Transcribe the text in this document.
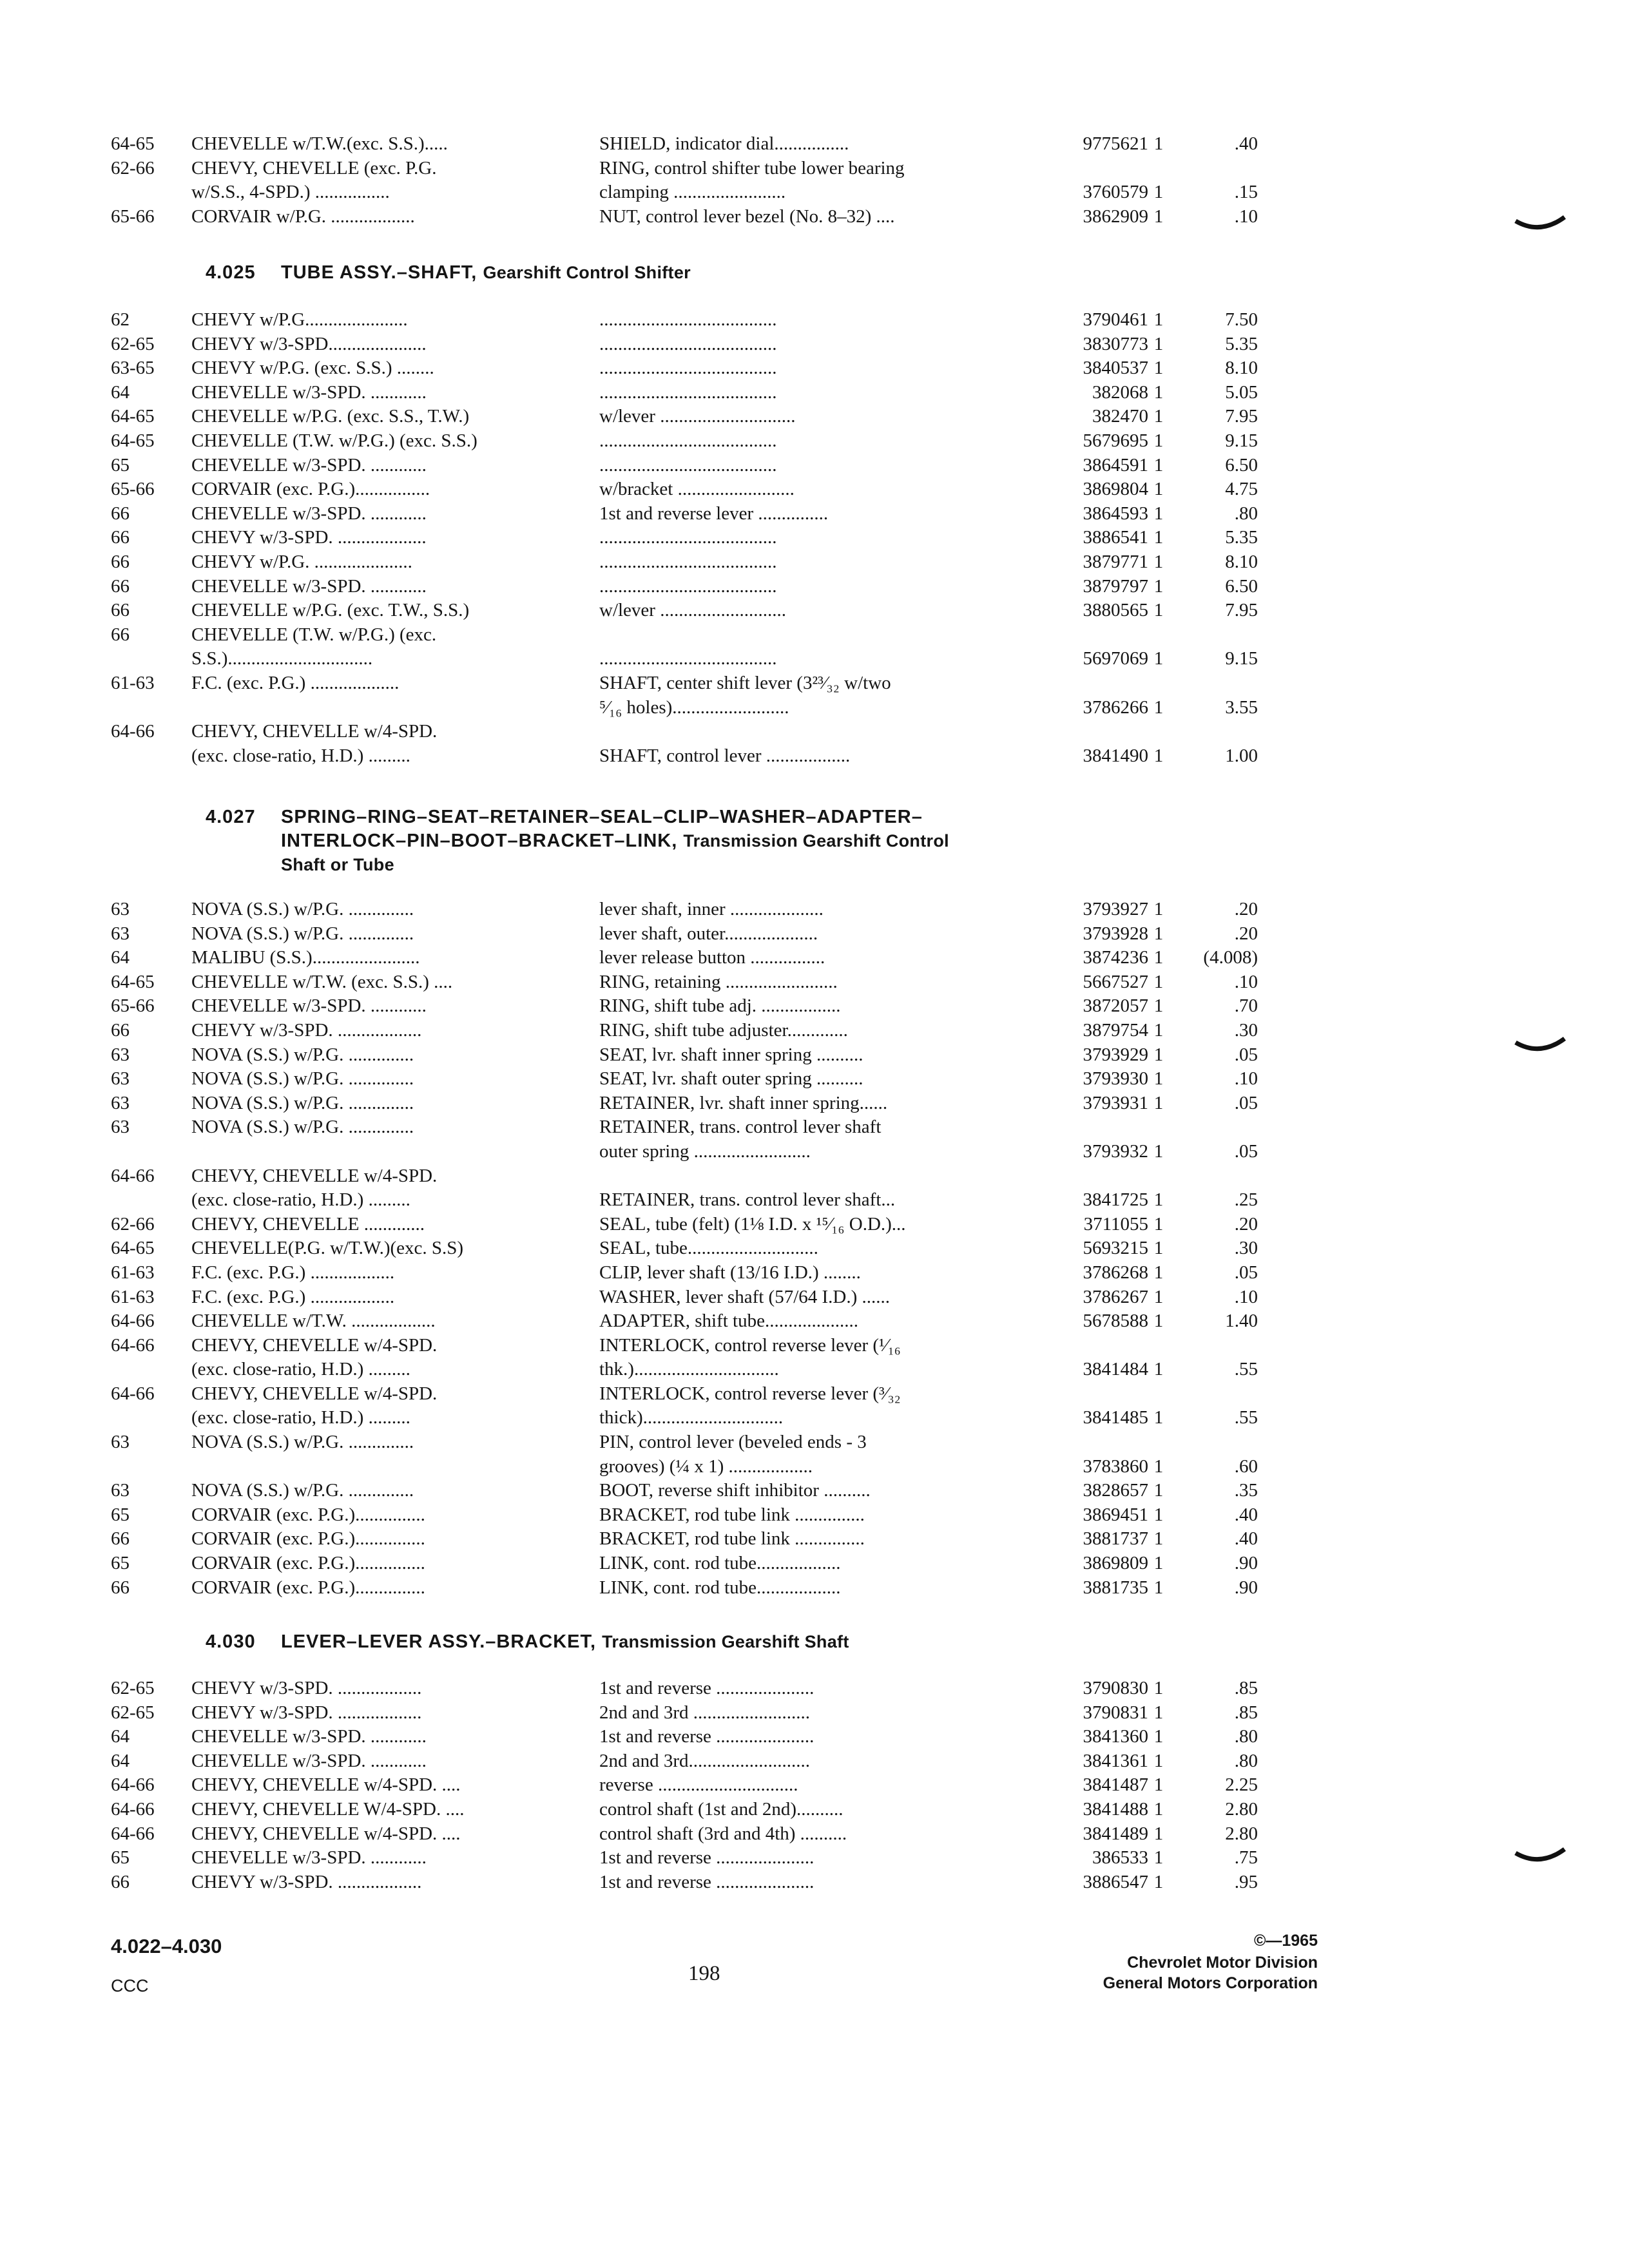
64-65	CHEVELLE w/T.W.(exc. S.S.).....	SHIELD, indicator dial................	9775621 1	.40
62-66	CHEVY, CHEVELLE (exc. P.G.	RING, control shifter tube lower bearing
w/S.S., 4-SPD.) ................	clamping ........................	3760579 1	.15
65-66	CORVAIR w/P.G. ..................	NUT, control lever bezel (No. 8–32) ....	3862909 1	.10
4.025 TUBE ASSY.–SHAFT, Gearshift Control Shifter
62	CHEVY w/P.G......................	......................................	3790461 1	7.50
62-65	CHEVY w/3-SPD.....................	......................................	3830773 1	5.35
63-65	CHEVY w/P.G. (exc. S.S.) ........	......................................	3840537 1	8.10
64	CHEVELLE w/3-SPD. ............	......................................	382068 1	5.05
64-65	CHEVELLE w/P.G. (exc. S.S., T.W.)	w/lever .............................	382470 1	7.95
64-65	CHEVELLE (T.W. w/P.G.) (exc. S.S.)	......................................	5679695 1	9.15
65	CHEVELLE w/3-SPD. ............	......................................	3864591 1	6.50
65-66	CORVAIR (exc. P.G.)................	w/bracket .........................	3869804 1	4.75
66	CHEVELLE w/3-SPD. ............	1st and reverse lever ...............	3864593 1	.80
66	CHEVY w/3-SPD. ...................	......................................	3886541 1	5.35
66	CHEVY w/P.G. .....................	......................................	3879771 1	8.10
66	CHEVELLE w/3-SPD. ............	......................................	3879797 1	6.50
66	CHEVELLE w/P.G. (exc. T.W., S.S.)	w/lever ...........................	3880565 1	7.95
66	CHEVELLE (T.W. w/P.G.) (exc.
S.S.)...............................	......................................	5697069 1	9.15
61-63	F.C. (exc. P.G.) ...................	SHAFT, center shift lever (3²³⁄₃₂ w/two
⁵⁄₁₆ holes).........................	3786266 1	3.55
64-66	CHEVY, CHEVELLE w/4-SPD.
(exc. close-ratio, H.D.) .........	SHAFT, control lever ..................	3841490 1	1.00
4.027 SPRING–RING–SEAT–RETAINER–SEAL–CLIP–WASHER–ADAPTER–
INTERLOCK–PIN–BOOT–BRACKET–LINK, Transmission Gearshift Control
Shaft or Tube
63	NOVA (S.S.) w/P.G. ..............	lever shaft, inner ....................	3793927 1	.20
63	NOVA (S.S.) w/P.G. ..............	lever shaft, outer....................	3793928 1	.20
64	MALIBU (S.S.).......................	lever release button ................	3874236 1	(4.008)
64-65	CHEVELLE w/T.W. (exc. S.S.) ....	RING, retaining ........................	5667527 1	.10
65-66	CHEVELLE w/3-SPD. ............	RING, shift tube adj. .................	3872057 1	.70
66	CHEVY w/3-SPD. ..................	RING, shift tube adjuster.............	3879754 1	.30
63	NOVA (S.S.) w/P.G. ..............	SEAT, lvr. shaft inner spring ..........	3793929 1	.05
63	NOVA (S.S.) w/P.G. ..............	SEAT, lvr. shaft outer spring ..........	3793930 1	.10
63	NOVA (S.S.) w/P.G. ..............	RETAINER, lvr. shaft inner spring......	3793931 1	.05
63	NOVA (S.S.) w/P.G. ..............	RETAINER, trans. control lever shaft
outer spring .........................	3793932 1	.05
64-66	CHEVY, CHEVELLE w/4-SPD.
(exc. close-ratio, H.D.) .........	RETAINER, trans. control lever shaft...	3841725 1	.25
62-66	CHEVY, CHEVELLE .............	SEAL, tube (felt) (1⅛ I.D. x ¹⁵⁄₁₆ O.D.)...	3711055 1	.20
64-65	CHEVELLE(P.G. w/T.W.)(exc. S.S)	SEAL, tube............................	5693215 1	.30
61-63	F.C. (exc. P.G.) ..................	CLIP, lever shaft (13/16 I.D.) ........	3786268 1	.05
61-63	F.C. (exc. P.G.) ..................	WASHER, lever shaft (57/64 I.D.) ......	3786267 1	.10
64-66	CHEVELLE w/T.W. ..................	ADAPTER, shift tube....................	5678588 1	1.40
64-66	CHEVY, CHEVELLE w/4-SPD.	INTERLOCK, control reverse lever (¹⁄₁₆
(exc. close-ratio, H.D.) .........	thk.)...............................	3841484 1	.55
64-66	CHEVY, CHEVELLE w/4-SPD.	INTERLOCK, control reverse lever (³⁄₃₂
(exc. close-ratio, H.D.) .........	thick)..............................	3841485 1	.55
63	NOVA (S.S.) w/P.G. ..............	PIN, control lever (beveled ends - 3
grooves) (¼ x 1) ..................	3783860 1	.60
63	NOVA (S.S.) w/P.G. ..............	BOOT, reverse shift inhibitor ..........	3828657 1	.35
65	CORVAIR (exc. P.G.)...............	BRACKET, rod tube link ...............	3869451 1	.40
66	CORVAIR (exc. P.G.)...............	BRACKET, rod tube link ...............	3881737 1	.40
65	CORVAIR (exc. P.G.)...............	LINK, cont. rod tube..................	3869809 1	.90
66	CORVAIR (exc. P.G.)...............	LINK, cont. rod tube..................	3881735 1	.90
4.030 LEVER–LEVER ASSY.–BRACKET, Transmission Gearshift Shaft
62-65	CHEVY w/3-SPD. ..................	1st and reverse .....................	3790830 1	.85
62-65	CHEVY w/3-SPD. ..................	2nd and 3rd .........................	3790831 1	.85
64	CHEVELLE w/3-SPD. ............	1st and reverse .....................	3841360 1	.80
64	CHEVELLE w/3-SPD. ............	2nd and 3rd..........................	3841361 1	.80
64-66	CHEVY, CHEVELLE w/4-SPD. ....	reverse ..............................	3841487 1	2.25
64-66	CHEVY, CHEVELLE W/4-SPD. ....	control shaft (1st and 2nd)..........	3841488 1	2.80
64-66	CHEVY, CHEVELLE w/4-SPD. ....	control shaft (3rd and 4th) ..........	3841489 1	2.80
65	CHEVELLE w/3-SPD. ............	1st and reverse .....................	386533 1	.75
66	CHEVY w/3-SPD. ..................	1st and reverse .....................	3886547 1	.95
4.022–4.030
CCC
198
©—1965
Chevrolet Motor Division
General Motors Corporation
